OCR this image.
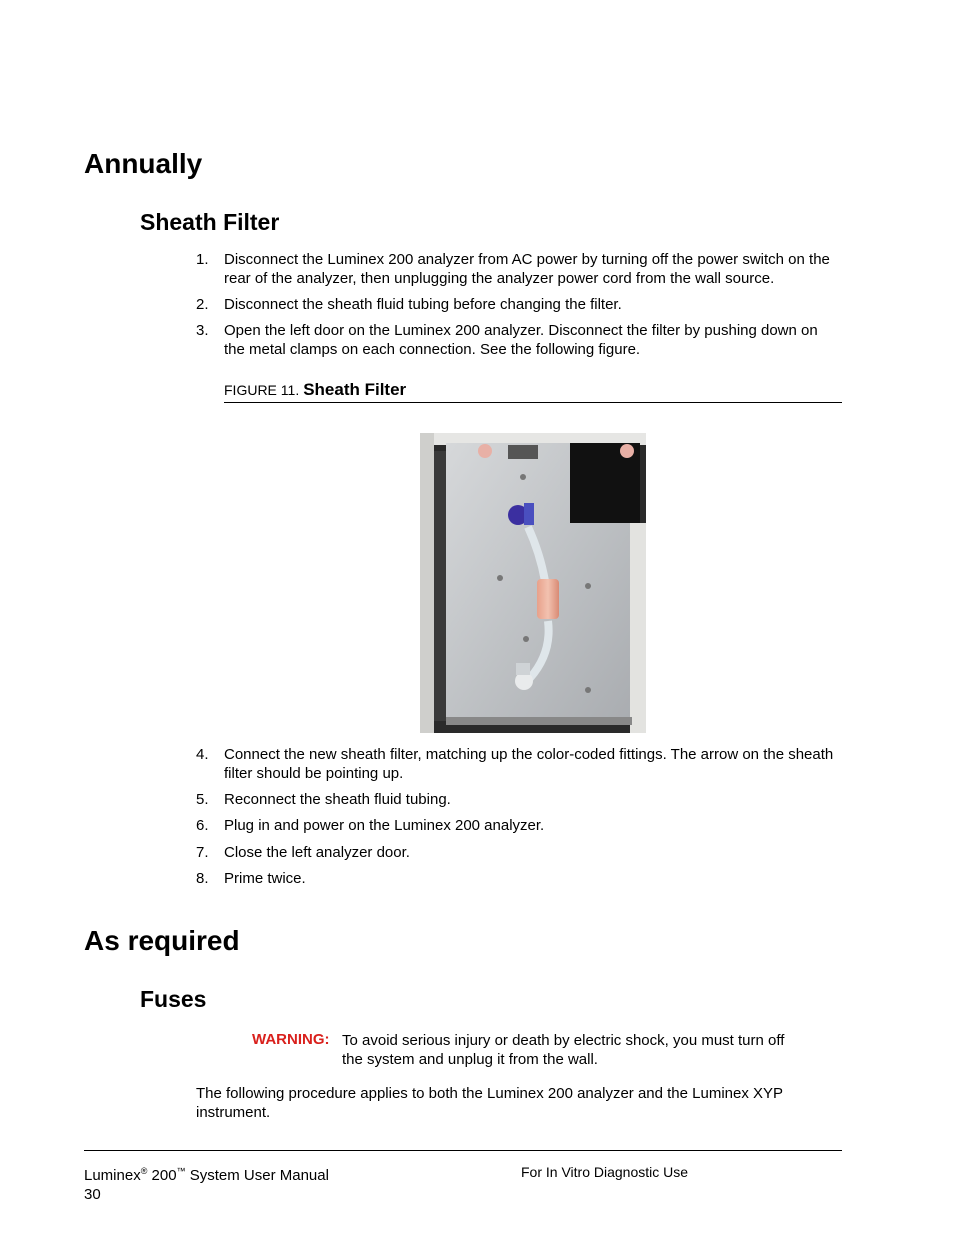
Annually
Sheath Filter
1. Disconnect the Luminex 200 analyzer from AC power by turning off the power switch on the rear of the analyzer, then unplugging the analyzer power cord from the wall source.
2. Disconnect the sheath fluid tubing before changing the filter.
3. Open the left door on the Luminex 200 analyzer. Disconnect the filter by pushing down on the metal clamps on each connection. See the following figure.
FIGURE 11. Sheath Filter
4. Connect the new sheath filter, matching up the color-coded fittings. The arrow on the sheath filter should be pointing up.
5. Reconnect the sheath fluid tubing.
6. Plug in and power on the Luminex 200 analyzer.
7. Close the left analyzer door.
8. Prime twice.
As required
Fuses
WARNING: To avoid serious injury or death by electric shock, you must turn off the system and unplug it from the wall.
The following procedure applies to both the Luminex 200 analyzer and the Luminex XYP instrument.
Luminex® 200™ System User Manual
30
For In Vitro Diagnostic Use
